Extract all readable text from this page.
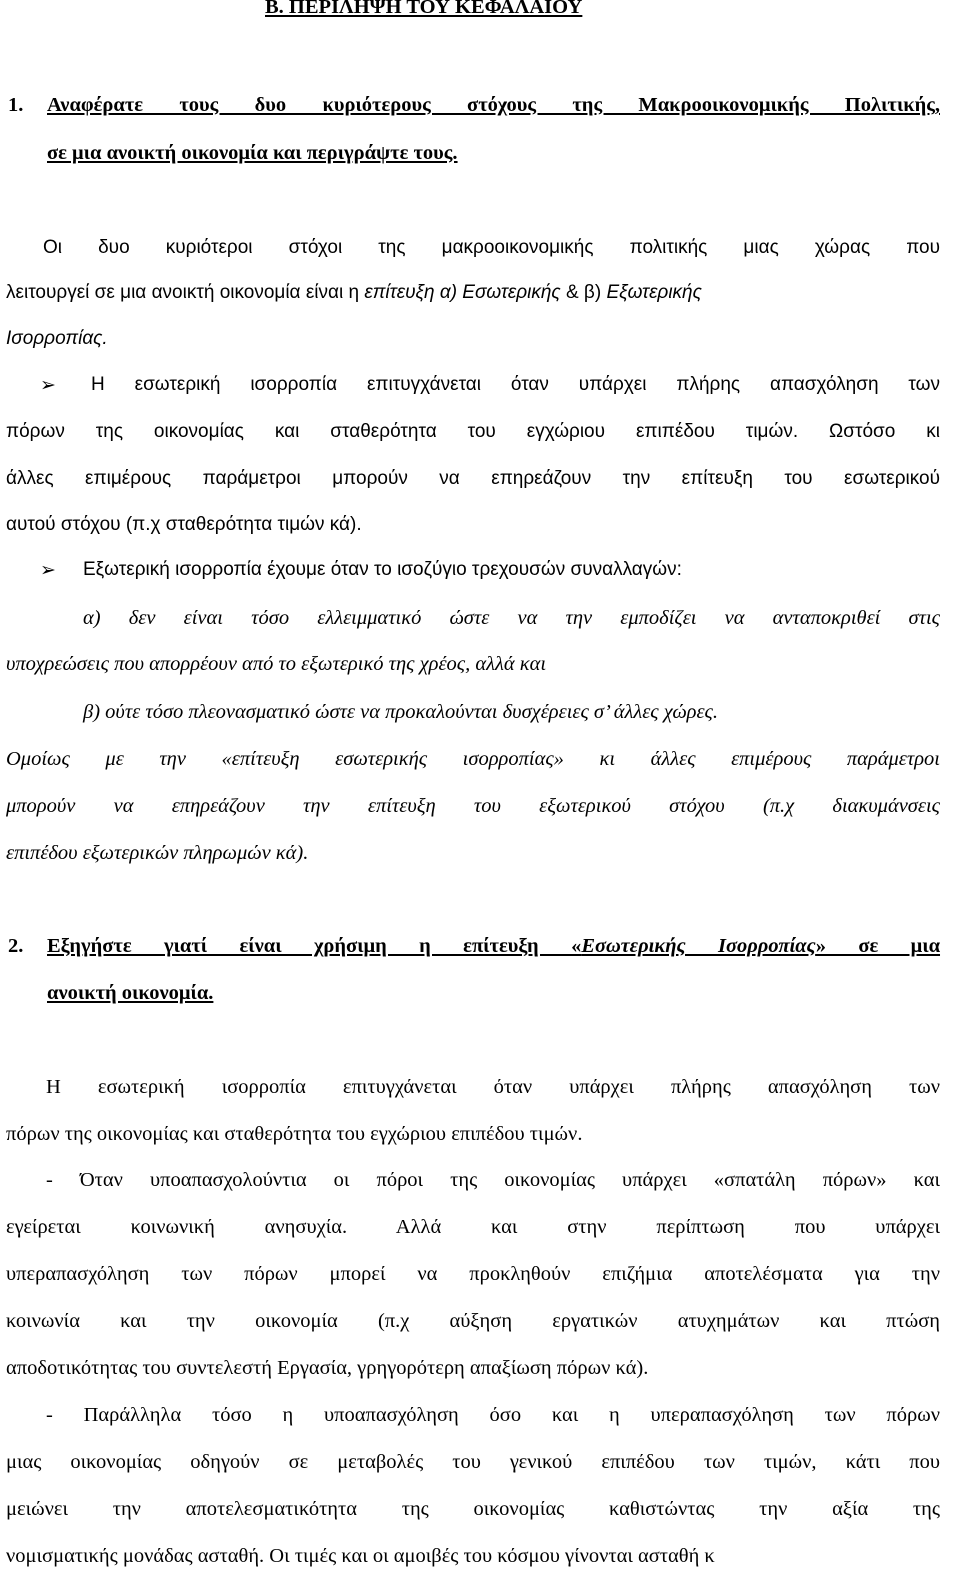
Β. ΠΕΡΙΛΗΨΗ ΤΟΥ ΚΕΦΑΛΑΙΟΥ
1. Αναφέρατε τους δυο κυριότερους στόχους της Μακροοικονομικής Πολιτικής,
σε μια ανοικτή οικονομία και περιγράψτε τους.
Οι δυο κυριότεροι στόχοι της μακροοικονομικής πολιτικής μιας χώρας που
λειτουργεί σε μια ανοικτή οικονομία είναι η επίτευξη α) Εσωτερικής & β) Εξωτερικής
Ισορροπίας.
➢ Η εσωτερική ισορροπία επιτυγχάνεται όταν υπάρχει πλήρης απασχόληση των
πόρων της οικονομίας και σταθερότητα του εγχώριου επιπέδου τιμών. Ωστόσο κι
άλλες επιμέρους παράμετροι μπορούν να επηρεάζουν την επίτευξη του εσωτερικού
αυτού στόχου (π.χ σταθερότητα τιμών κά).
➢ Εξωτερική ισορροπία έχουμε όταν το ισοζύγιο τρεχουσών συναλλαγών:
α) δεν είναι τόσο ελλειμματικό ώστε να την εμποδίζει να ανταποκριθεί στις
υποχρεώσεις που απορρέουν από το εξωτερικό της χρέος, αλλά και
β) ούτε τόσο πλεονασματικό ώστε να προκαλούνται δυσχέρειες σ’ άλλες χώρες.
Ομοίως με την «επίτευξη εσωτερικής ισορροπίας» κι άλλες επιμέρους παράμετροι
μπορούν να επηρεάζουν την επίτευξη του εξωτερικού στόχου (π.χ διακυμάνσεις
επιπέδου εξωτερικών πληρωμών κά).
2. Εξηγήστε γιατί είναι χρήσιμη η επίτευξη «Εσωτερικής Ισορροπίας» σε μια
ανοικτή οικονομία.
Η εσωτερική ισορροπία επιτυγχάνεται όταν υπάρχει πλήρης απασχόληση των
πόρων της οικονομίας και σταθερότητα του εγχώριου επιπέδου τιμών.
- Όταν υποαπασχολούντια οι πόροι της οικονομίας υπάρχει «σπατάλη πόρων» και
εγείρεται κοινωνική ανησυχία. Αλλά και στην περίπτωση που υπάρχει
υπεραπασχόληση των πόρων μπορεί να προκληθούν επιζήμια αποτελέσματα για την
κοινωνία και την οικονομία (π.χ αύξηση εργατικών ατυχημάτων και πτώση
αποδοτικότητας του συντελεστή Εργασία, γρηγορότερη απαξίωση πόρων κά).
- Παράλληλα τόσο η υποαπασχόληση όσο και η υπεραπασχόληση των πόρων
μιας οικονομίας οδηγούν σε μεταβολές του γενικού επιπέδου των τιμών, κάτι που
μειώνει την αποτελεσματικότητα της οικονομίας καθιστώντας την αξία της
νομισματικής μονάδας ασταθή. Οι τιμές και οι αμοιβές του κόσμου γίνονται ασταθή κ
